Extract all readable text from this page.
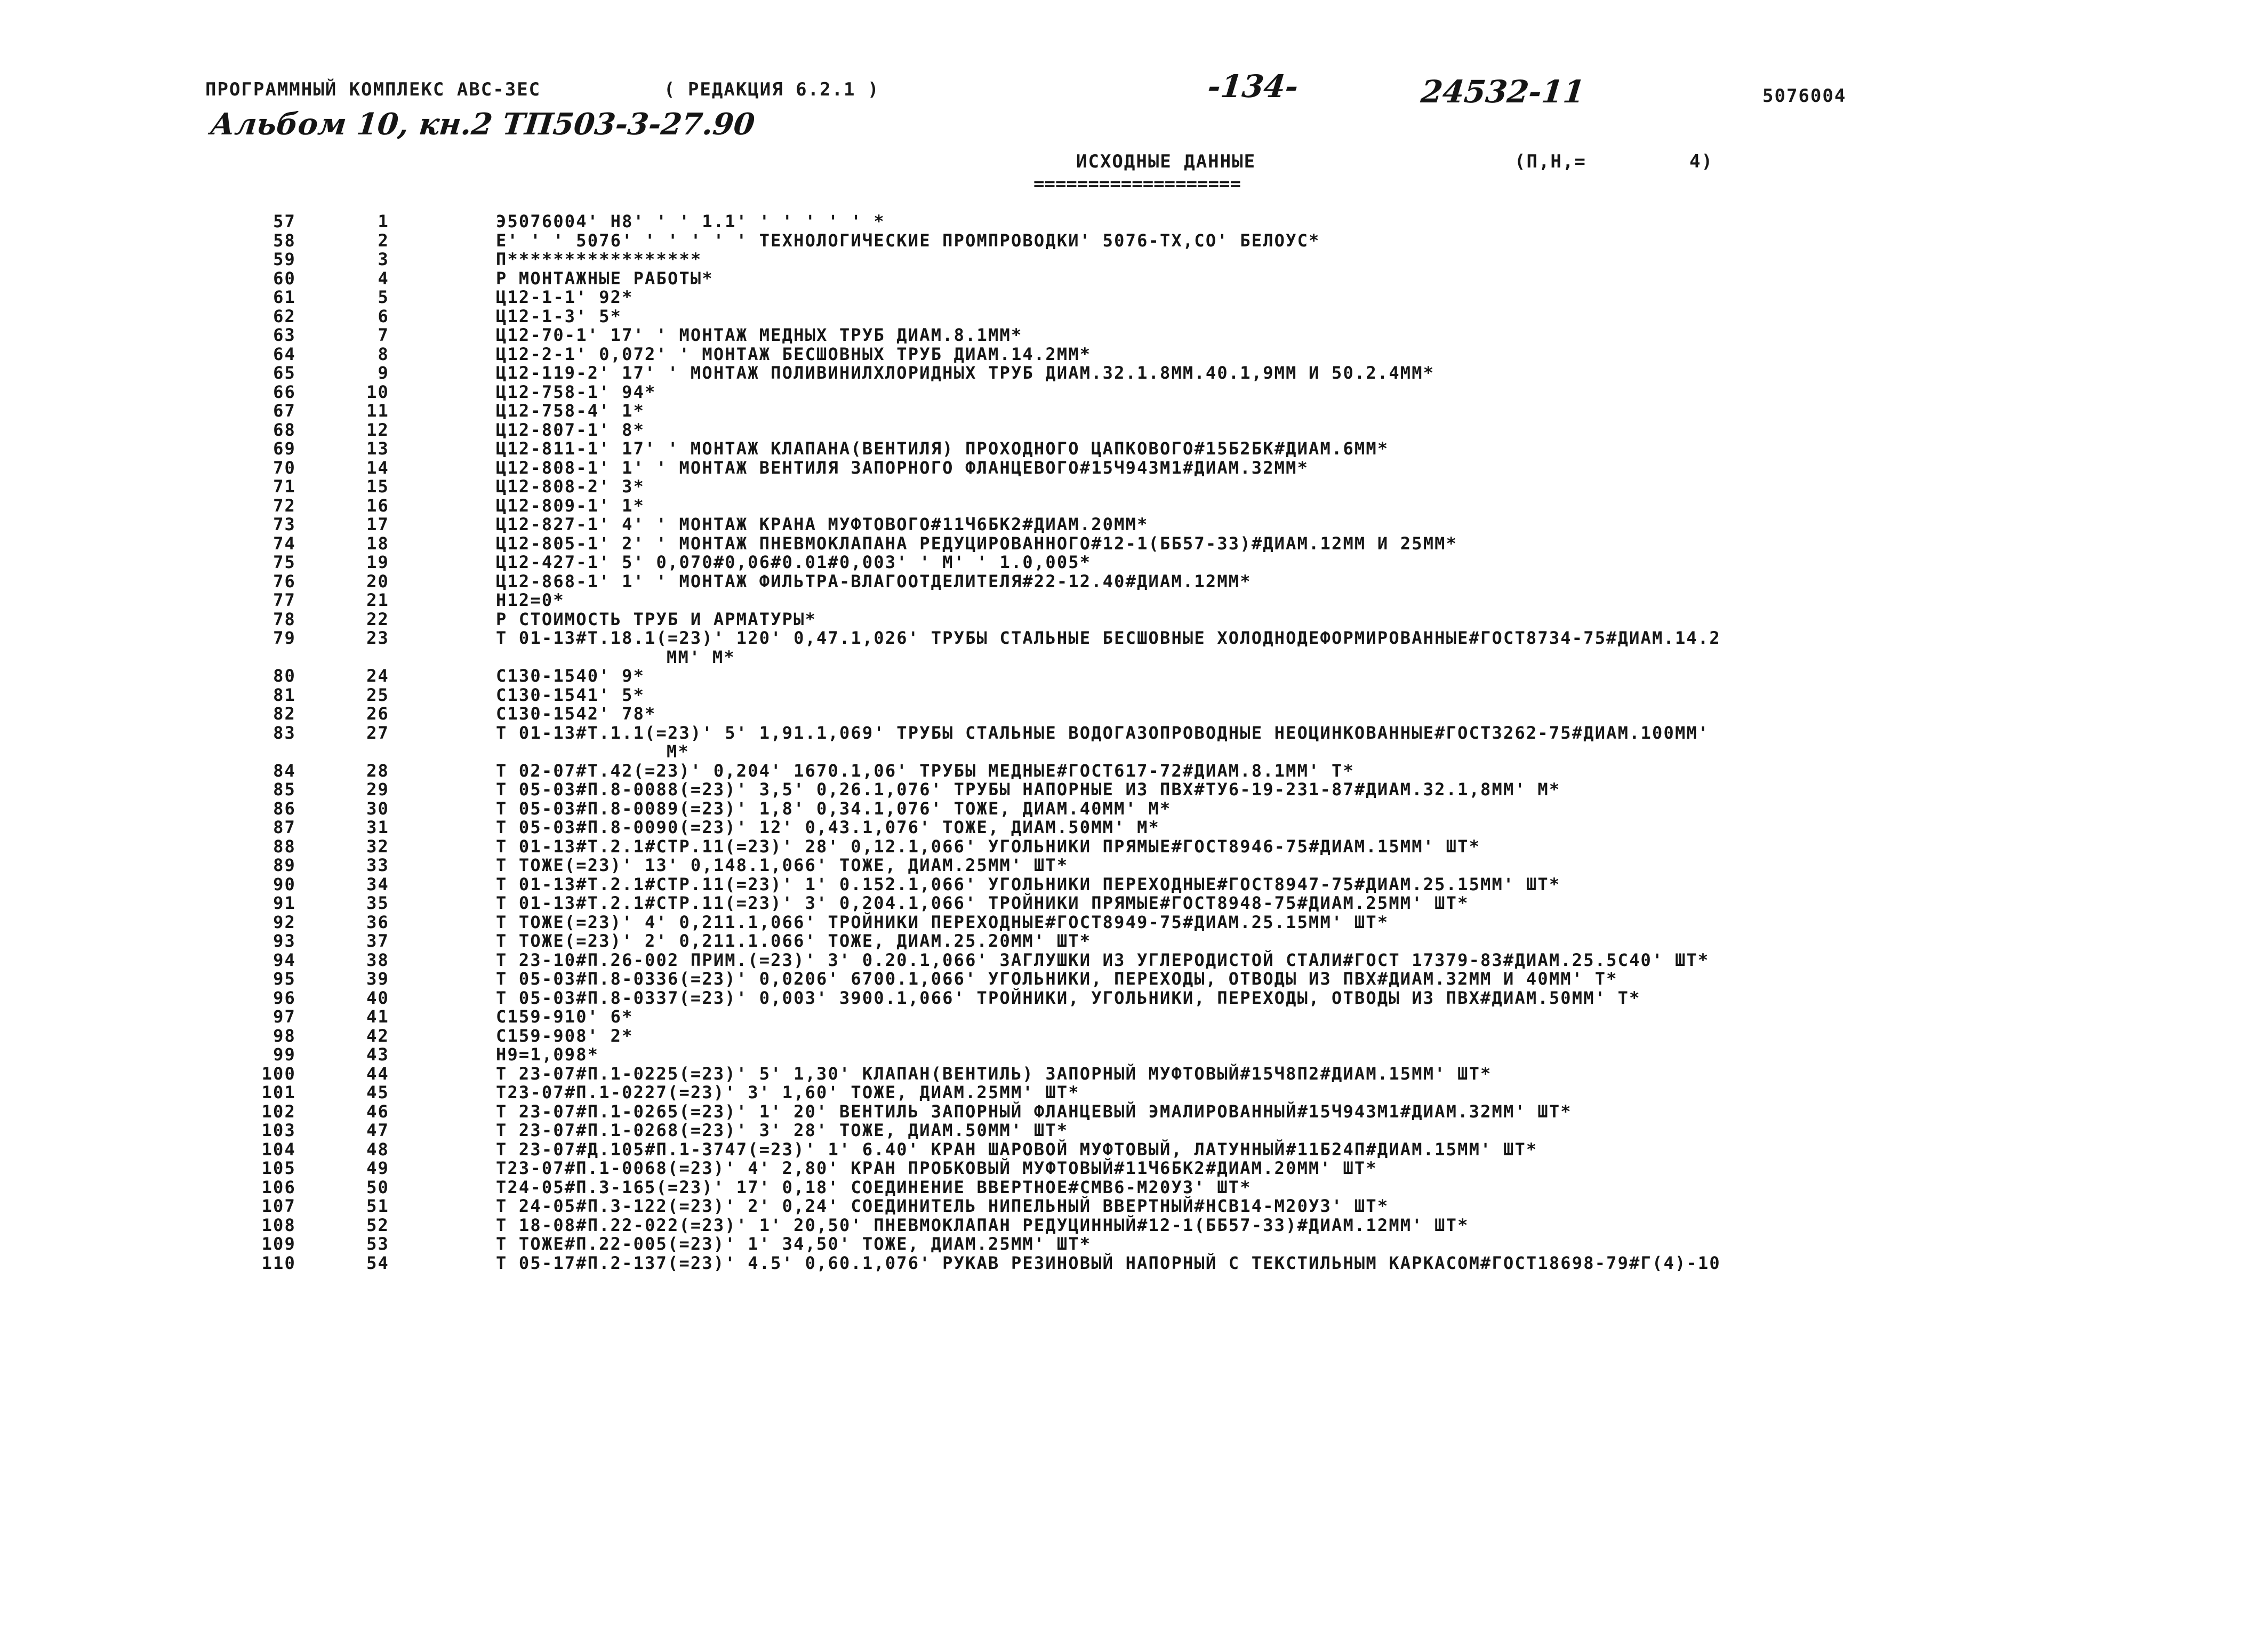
ПРОГРАММНЫЙ КОМПЛЕКС АВС-3ЕС	( РЕДАКЦИЯ 6.2.1 )	-134-	24532-11	5076004
Альбом 10, кн.2 ТП503-3-27.90
ИСХОДНЫЕ ДАННЫЕ
===================
(П,Н,=	4)
57	1	Э5076004' Н8' ' ' 1.1' ' ' ' ' ' *
58	2	Е' ' ' 5076' ' ' ' ' ' ТЕХНОЛОГИЧЕСКИЕ ПРОМПРОВОДКИ' 5076-ТХ,СО' БЕЛОУС*
59	3	П*****************
60	4	Р МОНТАЖНЫЕ РАБОТЫ*
61	5	Ц12-1-1' 92*
62	6	Ц12-1-3' 5*
63	7	Ц12-70-1' 17' ' МОНТАЖ МЕДНЫХ ТРУБ ДИАМ.8.1ММ*
64	8	Ц12-2-1' 0,072' ' МОНТАЖ БЕСШОВНЫХ ТРУБ ДИАМ.14.2ММ*
65	9	Ц12-119-2' 17' ' МОНТАЖ ПОЛИВИНИЛХЛОРИДНЫХ ТРУБ ДИАМ.32.1.8ММ.40.1,9ММ И 50.2.4ММ*
66	10	Ц12-758-1' 94*
67	11	Ц12-758-4' 1*
68	12	Ц12-807-1' 8*
69	13	Ц12-811-1' 17' ' МОНТАЖ КЛАПАНА(ВЕНТИЛЯ) ПРОХОДНОГО ЦАПКОВОГО#15Б2БК#ДИАМ.6ММ*
70	14	Ц12-808-1' 1' ' МОНТАЖ ВЕНТИЛЯ ЗАПОРНОГО ФЛАНЦЕВОГО#15Ч943М1#ДИАМ.32ММ*
71	15	Ц12-808-2' 3*
72	16	Ц12-809-1' 1*
73	17	Ц12-827-1' 4' ' МОНТАЖ КРАНА МУФТОВОГО#11Ч6БК2#ДИАМ.20ММ*
74	18	Ц12-805-1' 2' ' МОНТАЖ ПНЕВМОКЛАПАНА РЕДУЦИРОВАННОГО#12-1(ББ57-33)#ДИАМ.12ММ И 25ММ*
75	19	Ц12-427-1' 5' 0,070#0,06#0.01#0,003' ' М' ' 1.0,005*
76	20	Ц12-868-1' 1' ' МОНТАЖ ФИЛЬТРА-ВЛАГООТДЕЛИТЕЛЯ#22-12.40#ДИАМ.12ММ*
77	21	Н12=0*
78	22	Р СТОИМОСТЬ ТРУБ И АРМАТУРЫ*
79	23	Т 01-13#Т.18.1(=23)' 120' 0,47.1,026' ТРУБЫ СТАЛЬНЫЕ БЕСШОВНЫЕ ХОЛОДНОДЕФОРМИРОВАННЫЕ#ГОСТ8734-75#ДИАМ.14.2
ММ' М*
80	24	С130-1540' 9*
81	25	С130-1541' 5*
82	26	С130-1542' 78*
83	27	Т 01-13#Т.1.1(=23)' 5' 1,91.1,069' ТРУБЫ СТАЛЬНЫЕ ВОДОГАЗОПРОВОДНЫЕ НЕОЦИНКОВАННЫЕ#ГОСТ3262-75#ДИАМ.100ММ'
М*
84	28	Т 02-07#Т.42(=23)' 0,204' 1670.1,06' ТРУБЫ МЕДНЫЕ#ГОСТ617-72#ДИАМ.8.1ММ' Т*
85	29	Т 05-03#П.8-0088(=23)' 3,5' 0,26.1,076' ТРУБЫ НАПОРНЫЕ ИЗ ПВХ#ТУ6-19-231-87#ДИАМ.32.1,8ММ' М*
86	30	Т 05-03#П.8-0089(=23)' 1,8' 0,34.1,076' ТОЖЕ, ДИАМ.40ММ' М*
87	31	Т 05-03#П.8-0090(=23)' 12' 0,43.1,076' ТОЖЕ, ДИАМ.50ММ' М*
88	32	Т 01-13#Т.2.1#СТР.11(=23)' 28' 0,12.1,066' УГОЛЬНИКИ ПРЯМЫЕ#ГОСТ8946-75#ДИАМ.15ММ' ШТ*
89	33	Т ТОЖЕ(=23)' 13' 0,148.1,066' ТОЖЕ, ДИАМ.25ММ' ШТ*
90	34	Т 01-13#Т.2.1#СТР.11(=23)' 1' 0.152.1,066' УГОЛЬНИКИ ПЕРЕХОДНЫЕ#ГОСТ8947-75#ДИАМ.25.15ММ' ШТ*
91	35	Т 01-13#Т.2.1#СТР.11(=23)' 3' 0,204.1,066' ТРОЙНИКИ ПРЯМЫЕ#ГОСТ8948-75#ДИАМ.25ММ' ШТ*
92	36	Т ТОЖЕ(=23)' 4' 0,211.1,066' ТРОЙНИКИ ПЕРЕХОДНЫЕ#ГОСТ8949-75#ДИАМ.25.15ММ' ШТ*
93	37	Т ТОЖЕ(=23)' 2' 0,211.1.066' ТОЖЕ, ДИАМ.25.20ММ' ШТ*
94	38	Т 23-10#П.26-002 ПРИМ.(=23)' 3' 0.20.1,066' ЗАГЛУШКИ ИЗ УГЛЕРОДИСТОЙ СТАЛИ#ГОСТ 17379-83#ДИАМ.25.5С40' ШТ*
95	39	Т 05-03#П.8-0336(=23)' 0,0206' 6700.1,066' УГОЛЬНИКИ, ПЕРЕХОДЫ, ОТВОДЫ ИЗ ПВХ#ДИАМ.32ММ И 40ММ' Т*
96	40	Т 05-03#П.8-0337(=23)' 0,003' 3900.1,066' ТРОЙНИКИ, УГОЛЬНИКИ, ПЕРЕХОДЫ, ОТВОДЫ ИЗ ПВХ#ДИАМ.50ММ' Т*
97	41	С159-910' 6*
98	42	С159-908' 2*
99	43	Н9=1,098*
100	44	Т 23-07#П.1-0225(=23)' 5' 1,30' КЛАПАН(ВЕНТИЛЬ) ЗАПОРНЫЙ МУФТОВЫЙ#15Ч8П2#ДИАМ.15ММ' ШТ*
101	45	Т23-07#П.1-0227(=23)' 3' 1,60' ТОЖЕ, ДИАМ.25ММ' ШТ*
102	46	Т 23-07#П.1-0265(=23)' 1' 20' ВЕНТИЛЬ ЗАПОРНЫЙ ФЛАНЦЕВЫЙ ЭМАЛИРОВАННЫЙ#15Ч943М1#ДИАМ.32ММ' ШТ*
103	47	Т 23-07#П.1-0268(=23)' 3' 28' ТОЖЕ, ДИАМ.50ММ' ШТ*
104	48	Т 23-07#Д.105#П.1-3747(=23)' 1' 6.40' КРАН ШАРОВОЙ МУФТОВЫЙ, ЛАТУННЫЙ#11Б24П#ДИАМ.15ММ' ШТ*
105	49	Т23-07#П.1-0068(=23)' 4' 2,80' КРАН ПРОБКОВЫЙ МУФТОВЫЙ#11Ч6БК2#ДИАМ.20ММ' ШТ*
106	50	Т24-05#П.3-165(=23)' 17' 0,18' СОЕДИНЕНИЕ ВВЕРТНОЕ#СМВ6-М20У3' ШТ*
107	51	Т 24-05#П.3-122(=23)' 2' 0,24' СОЕДИНИТЕЛЬ НИПЕЛЬНЫЙ ВВЕРТНЫЙ#НСВ14-М20У3' ШТ*
108	52	Т 18-08#П.22-022(=23)' 1' 20,50' ПНЕВМОКЛАПАН РЕДУЦИННЫЙ#12-1(ББ57-33)#ДИАМ.12ММ' ШТ*
109	53	Т ТОЖЕ#П.22-005(=23)' 1' 34,50' ТОЖЕ, ДИАМ.25ММ' ШТ*
110	54	Т 05-17#П.2-137(=23)' 4.5' 0,60.1,076' РУКАВ РЕЗИНОВЫЙ НАПОРНЫЙ С ТЕКСТИЛЬНЫМ КАРКАСОМ#ГОСТ18698-79#Г(4)-10
